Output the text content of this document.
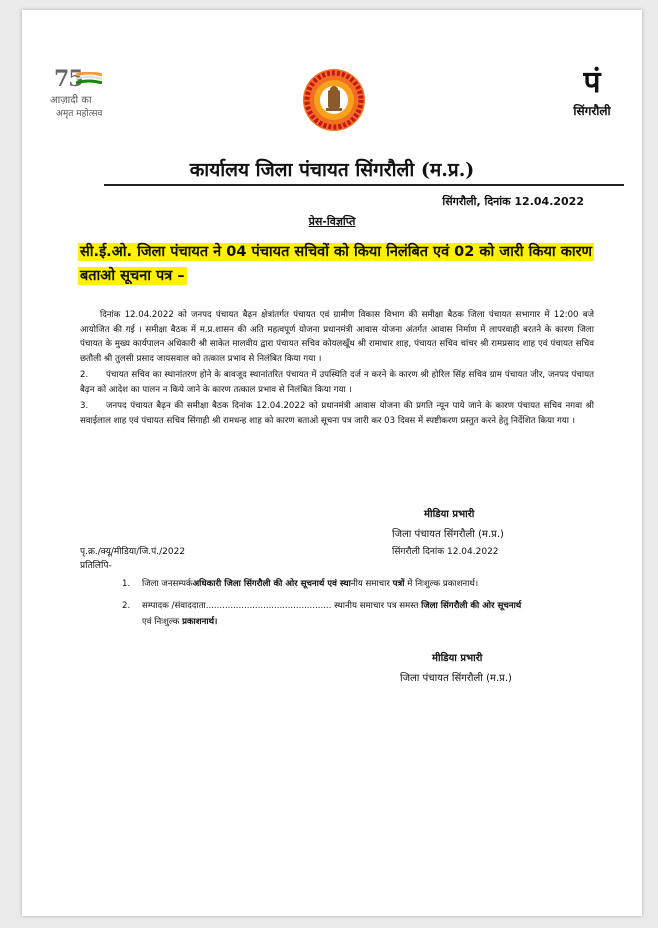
75
आज़ादी का
अमृत महोत्सव
पं
सिंगरौली
कार्यालय जिला पंचायत सिंगरौली (म.प्र.)
सिंगरौली, दिनांक 12.04.2022
प्रेस-विज्ञप्ति
सी.ई.ओ. जिला पंचायत ने 04 पंचायत सचिवों को किया निलंबित एवं 02 को जारी किया कारण बताओ सूचना पत्र –

दिनांक 12.04.2022 को जनपद पंचायत बैढ़न क्षेत्रांतर्गत पंचायत एवं ग्रामीण विकास विभाग की समीक्षा बैठक जिला पंचायत सभागार में 12:00 बजे आयोजित की गई । समीक्षा बैठक में म.प्र.शासन की अति महत्वपूर्ण योजना प्रधानमंत्री आवास योजना अंतर्गत आवास निर्माण में लापरवाही बरतने के कारण जिला पंचायत के मुख्य कार्यपालन अधिकारी श्री साकेत मालवीय द्वारा पंचायत सचिव कोयलखूँथ श्री रामाधार शाह, पंचायत सचिव चांचर श्री रामप्रसाद शाह एवं पंचायत सचिव छतौली श्री तुलसी प्रसाद जायसवाल को तत्काल प्रभाव से निलंबित किया गया ।

2. पंचायत सचिव का स्थानांतरण होने के बावजूद स्थानांतरित पंचायत में उपस्थिति दर्ज न करने के कारण श्री होरिल सिंह सचिव ग्राम पंचायत जीर, जनपद पंचायत बैढ़न को आदेश का पालन न किये जाने के कारण तत्काल प्रभाव से निलंबित किया गया ।

3. जनपद पंचायत बैढ़न की समीक्षा बैठक दिनांक 12.04.2022 को प्रधानमंत्री आवास योजना की प्रगति न्यून पाये जाने के कारण पंचायत सचिव नगवा श्री सवाईलाल शाह एवं पंचायत सचिव सिंगाही श्री रामधन्ह शाह को कारण बताओ सूचना पत्र जारी कर 03 दिवस में स्पष्टीकरण प्रस्तुत करने हेतु निर्देशित किया गया ।

मीडिया प्रभारी
जिला पंचायत सिंगरौली (म.प्र.)
पृ.क्र./क्यू/मीडिया/जि.पं./2022	सिंगरौली दिनांक 12.04.2022
प्रतिलिपि-
1. जिला जनसम्पर्कअधिकारी जिला सिंगरौली की ओर सूचनार्थ एवं स्थानीय समाचार पत्रों में निःशुल्क प्रकाशनार्थ।
2. सम्पादक /संवाददाता.............................................. स्थानीय समाचार पत्र समस्त जिला सिंगरौली की ओर सूचनार्थ
एवं निःशुल्क प्रकाशनार्थ।
मीडिया प्रभारी
जिला पंचायत सिंगरौली (म.प्र.)
